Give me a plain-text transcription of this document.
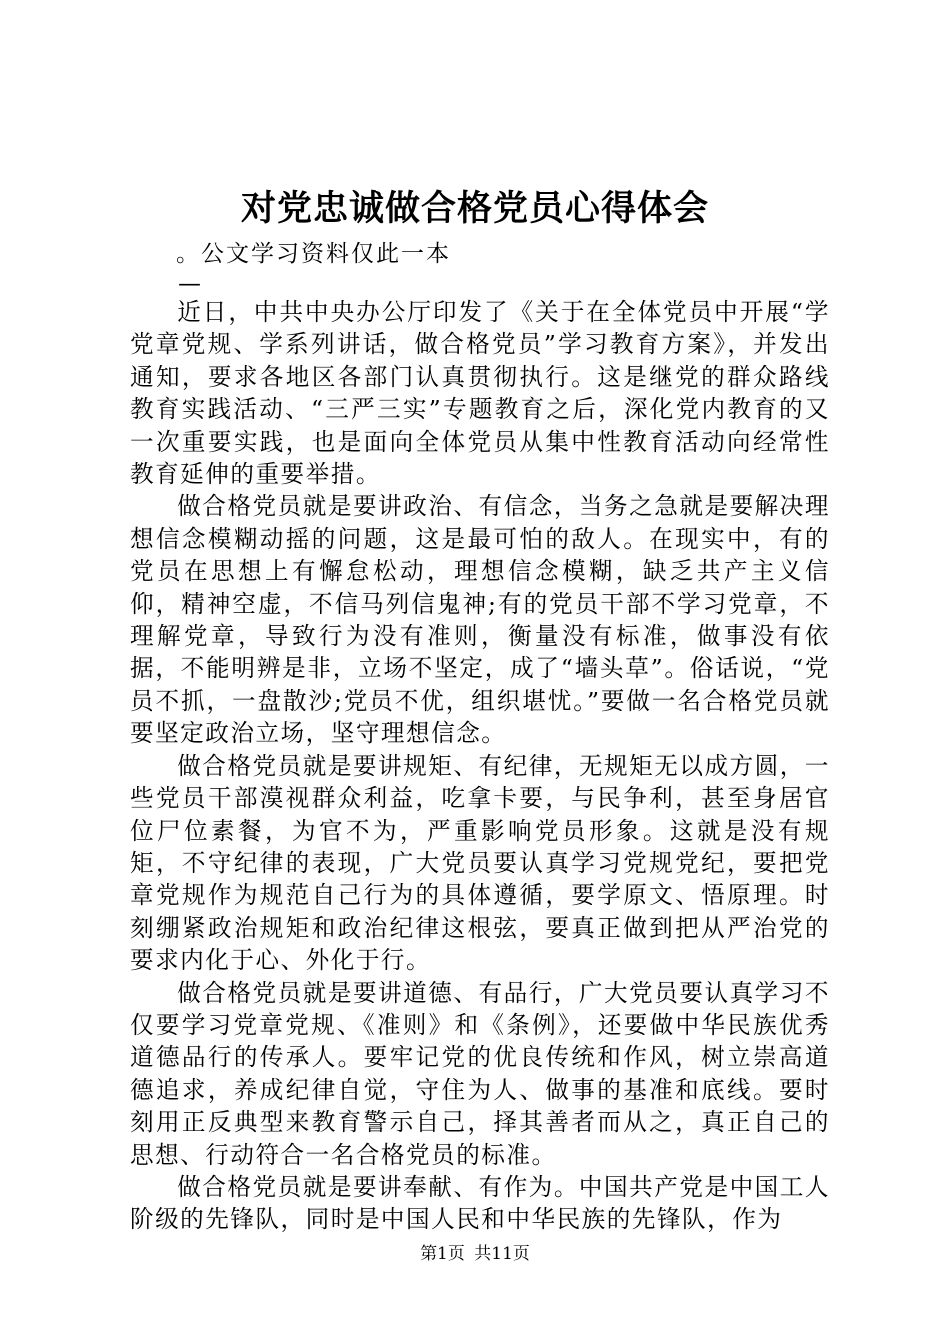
对党忠诚做合格党员心得体会
。公文学习资料仅此一本
—

近日，中共中央办公厅印发了《关于在全体党员中开展“学党章党规、学系列讲话，做合格党员”学习教育方案》，并发出通知，要求各地区各部门认真贯彻执行。这是继党的群众路线教育实践活动、“三严三实”专题教育之后，深化党内教育的又一次重要实践，也是面向全体党员从集中性教育活动向经常性教育延伸的重要举措。

做合格党员就是要讲政治、有信念，当务之急就是要解决理想信念模糊动摇的问题，这是最可怕的敌人。在现实中，有的党员在思想上有懈怠松动，理想信念模糊，缺乏共产主义信仰，精神空虚，不信马列信鬼神;有的党员干部不学习党章，不理解党章，导致行为没有准则，衡量没有标准，做事没有依据，不能明辨是非，立场不坚定，成了“墙头草”。俗话说，“党员不抓，一盘散沙;党员不优，组织堪忧。”要做一名合格党员就要坚定政治立场，坚守理想信念。

做合格党员就是要讲规矩、有纪律，无规矩无以成方圆，一些党员干部漠视群众利益，吃拿卡要，与民争利，甚至身居官位尸位素餐，为官不为，严重影响党员形象。这就是没有规矩，不守纪律的表现，广大党员要认真学习党规党纪，要把党章党规作为规范自己行为的具体遵循，要学原文、悟原理。时刻绷紧政治规矩和政治纪律这根弦，要真正做到把从严治党的要求内化于心、外化于行。

做合格党员就是要讲道德、有品行，广大党员要认真学习不仅要学习党章党规、《准则》和《条例》，还要做中华民族优秀道德品行的传承人。要牢记党的优良传统和作风，树立崇高道德追求，养成纪律自觉，守住为人、做事的基准和底线。要时刻用正反典型来教育警示自己，择其善者而从之，真正自己的思想、行动符合一名合格党员的标准。

做合格党员就是要讲奉献、有作为。中国共产党是中国工人阶级的先锋队，同时是中国人民和中华民族的先锋队，作为

第1页 共11页
